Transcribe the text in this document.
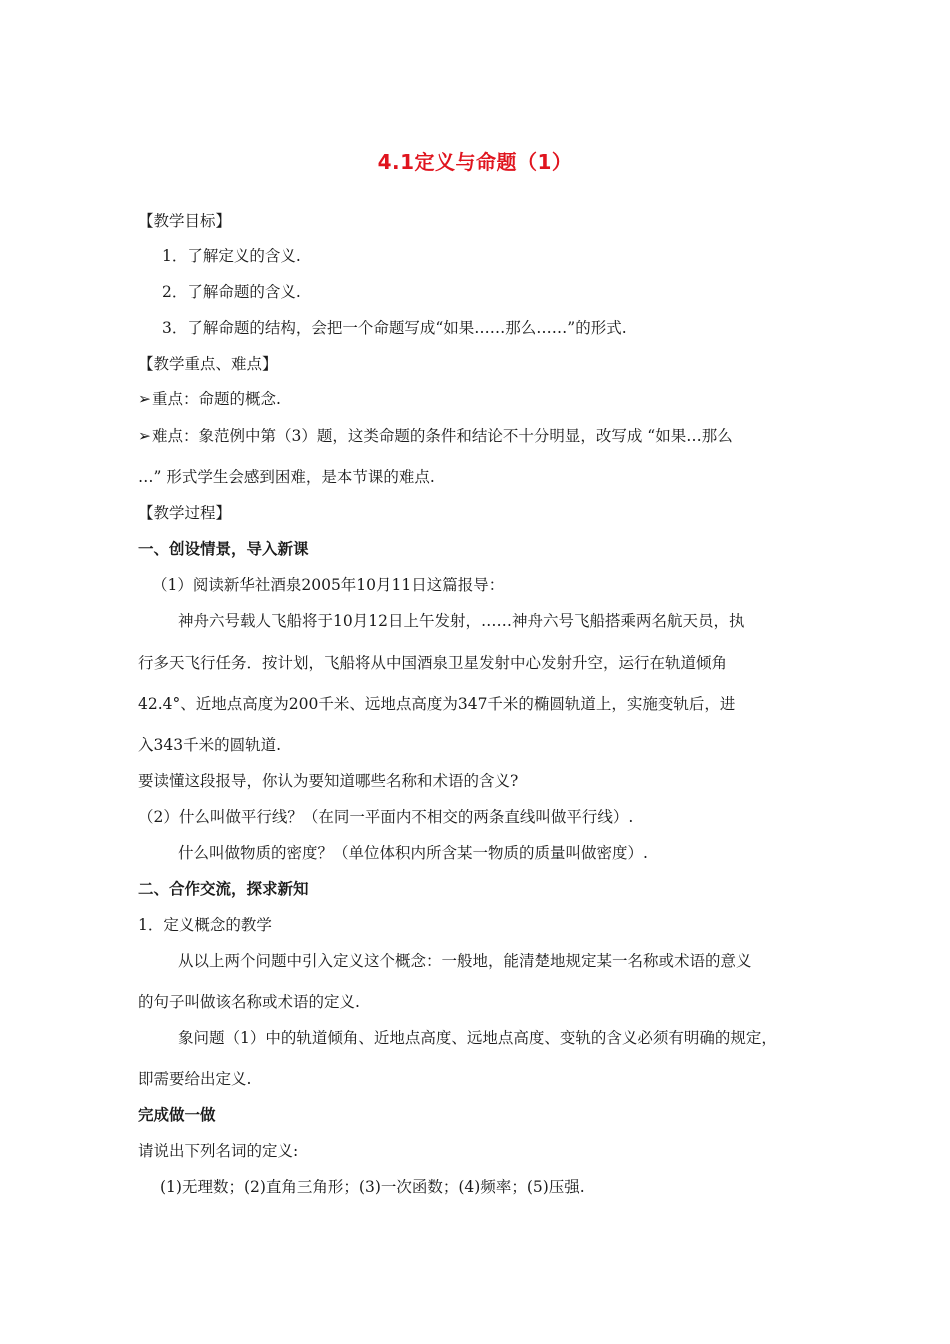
4.1定义与命题（1）
【教学目标】
1．了解定义的含义.
2．了解命题的含义.
3．了解命题的结构，会把一个命题写成“如果……那么……”的形式.
【教学重点、难点】
➢重点：命题的概念.
➢难点：象范例中第（3）题，这类命题的条件和结论不十分明显，改写成 “如果…那么
…” 形式学生会感到困难，是本节课的难点.
【教学过程】
一、创设情景，导入新课
（1）阅读新华社酒泉2005年10月11日这篇报导：
神舟六号载人飞船将于10月12日上午发射，……神舟六号飞船搭乘两名航天员，执
行多天飞行任务．按计划，飞船将从中国酒泉卫星发射中心发射升空，运行在轨道倾角
42.4°、近地点高度为200千米、远地点高度为347千米的椭圆轨道上，实施变轨后，进
入343千米的圆轨道.
要读懂这段报导，你认为要知道哪些名称和术语的含义?
（2）什么叫做平行线？（在同一平面内不相交的两条直线叫做平行线）.
什么叫做物质的密度？（单位体积内所含某一物质的质量叫做密度）.
二、合作交流，探求新知
1．定义概念的教学
从以上两个问题中引入定义这个概念：一般地，能清楚地规定某一名称或术语的意义
的句子叫做该名称或术语的定义.
象问题（1）中的轨道倾角、近地点高度、远地点高度、变轨的含义必须有明确的规定，
即需要给出定义.
完成做一做
请说出下列名词的定义:
(1)无理数；(2)直角三角形；(3)一次函数；(4)频率；(5)压强.
